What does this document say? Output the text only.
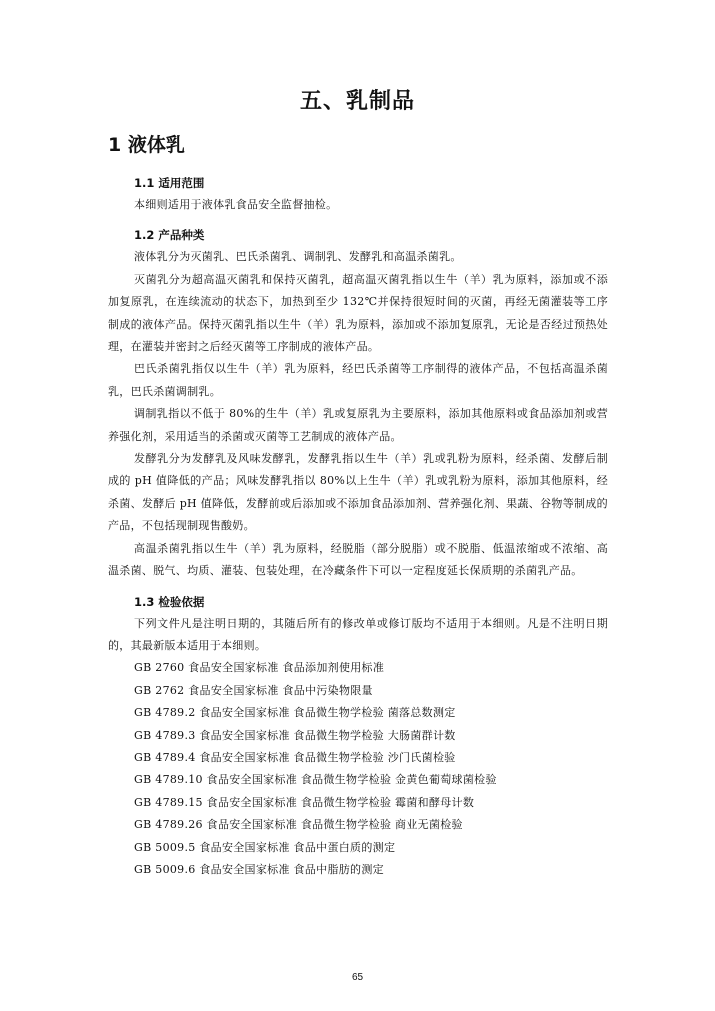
五、乳制品
1 液体乳
1.1 适用范围

本细则适用于液体乳食品安全监督抽检。

1.2 产品种类

液体乳分为灭菌乳、巴氏杀菌乳、调制乳、发酵乳和高温杀菌乳。

灭菌乳分为超高温灭菌乳和保持灭菌乳，超高温灭菌乳指以生牛（羊）乳为原料，添加或不添加复原乳，在连续流动的状态下，加热到至少 132℃并保持很短时间的灭菌，再经无菌灌装等工序制成的液体产品。保持灭菌乳指以生牛（羊）乳为原料，添加或不添加复原乳，无论是否经过预热处理，在灌装并密封之后经灭菌等工序制成的液体产品。

巴氏杀菌乳指仅以生牛（羊）乳为原料，经巴氏杀菌等工序制得的液体产品，不包括高温杀菌乳，巴氏杀菌调制乳。

调制乳指以不低于 80%的生牛（羊）乳或复原乳为主要原料，添加其他原料或食品添加剂或营养强化剂，采用适当的杀菌或灭菌等工艺制成的液体产品。

发酵乳分为发酵乳及风味发酵乳，发酵乳指以生牛（羊）乳或乳粉为原料，经杀菌、发酵后制成的 pH 值降低的产品；风味发酵乳指以 80%以上生牛（羊）乳或乳粉为原料，添加其他原料，经杀菌、发酵后 pH 值降低，发酵前或后添加或不添加食品添加剂、营养强化剂、果蔬、谷物等制成的产品，不包括现制现售酸奶。

高温杀菌乳指以生牛（羊）乳为原料，经脱脂（部分脱脂）或不脱脂、低温浓缩或不浓缩、高温杀菌、脱气、均质、灌装、包装处理，在冷藏条件下可以一定程度延长保质期的杀菌乳产品。

1.3 检验依据

下列文件凡是注明日期的，其随后所有的修改单或修订版均不适用于本细则。凡是不注明日期的，其最新版本适用于本细则。

GB 2760 食品安全国家标准 食品添加剂使用标准

GB 2762 食品安全国家标准 食品中污染物限量

GB 4789.2 食品安全国家标准 食品微生物学检验 菌落总数测定

GB 4789.3 食品安全国家标准 食品微生物学检验 大肠菌群计数

GB 4789.4 食品安全国家标准 食品微生物学检验 沙门氏菌检验

GB 4789.10 食品安全国家标准 食品微生物学检验 金黄色葡萄球菌检验

GB 4789.15 食品安全国家标准 食品微生物学检验 霉菌和酵母计数

GB 4789.26 食品安全国家标准 食品微生物学检验 商业无菌检验

GB 5009.5 食品安全国家标准 食品中蛋白质的测定

GB 5009.6 食品安全国家标准 食品中脂肪的测定

65
